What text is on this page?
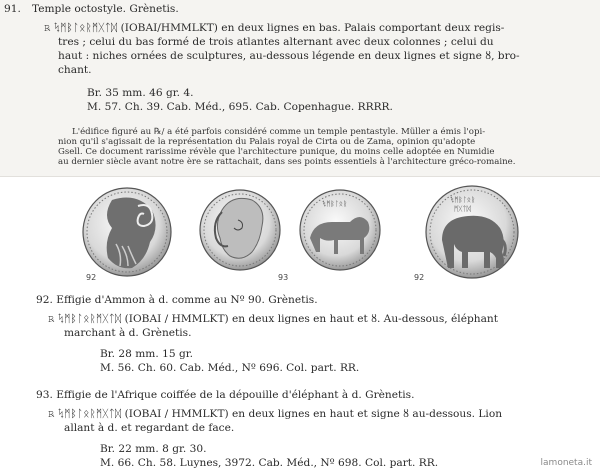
91. Temple octostyle. Grènetis.
℞ ᛪᛗᛒᛚᛟᚱᛗᚷᛏᛞ (IOBAI/HMMLKT) en deux lignes en bas. Palais comportant deux regis-
tres ; celui du bas formé de trois atlantes alternant avec deux colonnes ; celui du
haut : niches ornées de sculptures, au-dessous légende en deux lignes et signe ȣ, bro-
chant.
Br. 35 mm. 46 gr. 4.
M. 57. Ch. 39. Cab. Méd., 695. Cab. Copenhague. RRRR.
L'édifice figuré au ℞/ a été parfois considéré comme un temple pentastyle. Müller a émis l'opi-
nion qu'il s'agissait de la représentation du Palais royal de Cirta ou de Zama, opinion qu'adopte
Gsell. Ce document rarissime révèle que l'architecture punique, du moins celle adoptée en Numidie
au dernier siècle avant notre ère se rattachait, dans ses points essentiels à l'architecture gréco-romaine.
92
ᛪᛗᛒᛚᛟᚱ
93
ᛪᛗᛒᛚᛟᚱ
ᛗᚷᛏᛞ
92
92. Effigie d'Ammon à d. comme au Nº 90. Grènetis.
℞ ᛪᛗᛒᛚᛟᚱᛗᚷᛏᛞ (IOBAI / HMMLKT) en deux lignes en haut et ȣ. Au-dessous, éléphant
marchant à d. Grènetis.
Br. 28 mm. 15 gr.
M. 56. Ch. 60. Cab. Méd., Nº 696. Col. part. RR.
93. Effigie de l'Afrique coiffée de la dépouille d'éléphant à d. Grènetis.
℞ ᛪᛗᛒᛚᛟᚱᛗᚷᛏᛞ (IOBAI / HMMLKT) en deux lignes en haut et signe ȣ au-dessous. Lion
allant à d. et regardant de face.
Br. 22 mm. 8 gr. 30.
M. 66. Ch. 58. Luynes, 3972. Cab. Méd., Nº 698. Col. part. RR.	lamoneta.it
